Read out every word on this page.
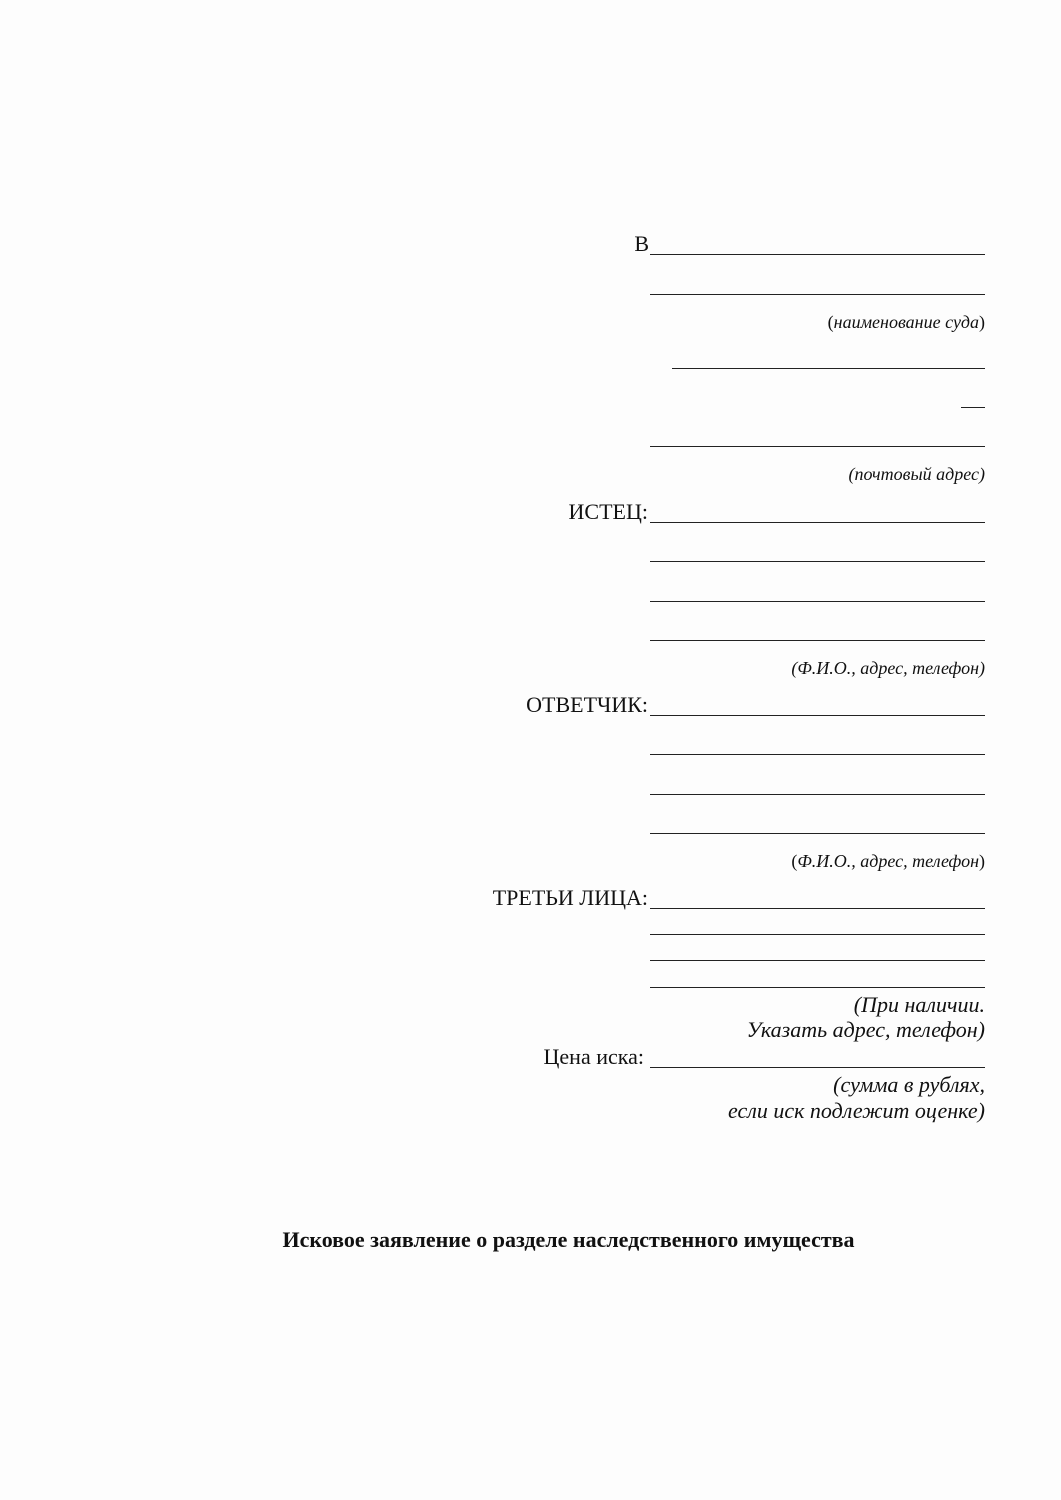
В
(наименование суда)
(почтовый адрес)
ИСТЕЦ:
(Ф.И.О., адрес, телефон)
ОТВЕТЧИК:
(Ф.И.О., адрес, телефон)
ТРЕТЬИ ЛИЦА:
(При наличии.
Указать адрес, телефон)
Цена иска:
(сумма в рублях,
если иск подлежит оценке)
Исковое заявление о разделе наследственного имущества
